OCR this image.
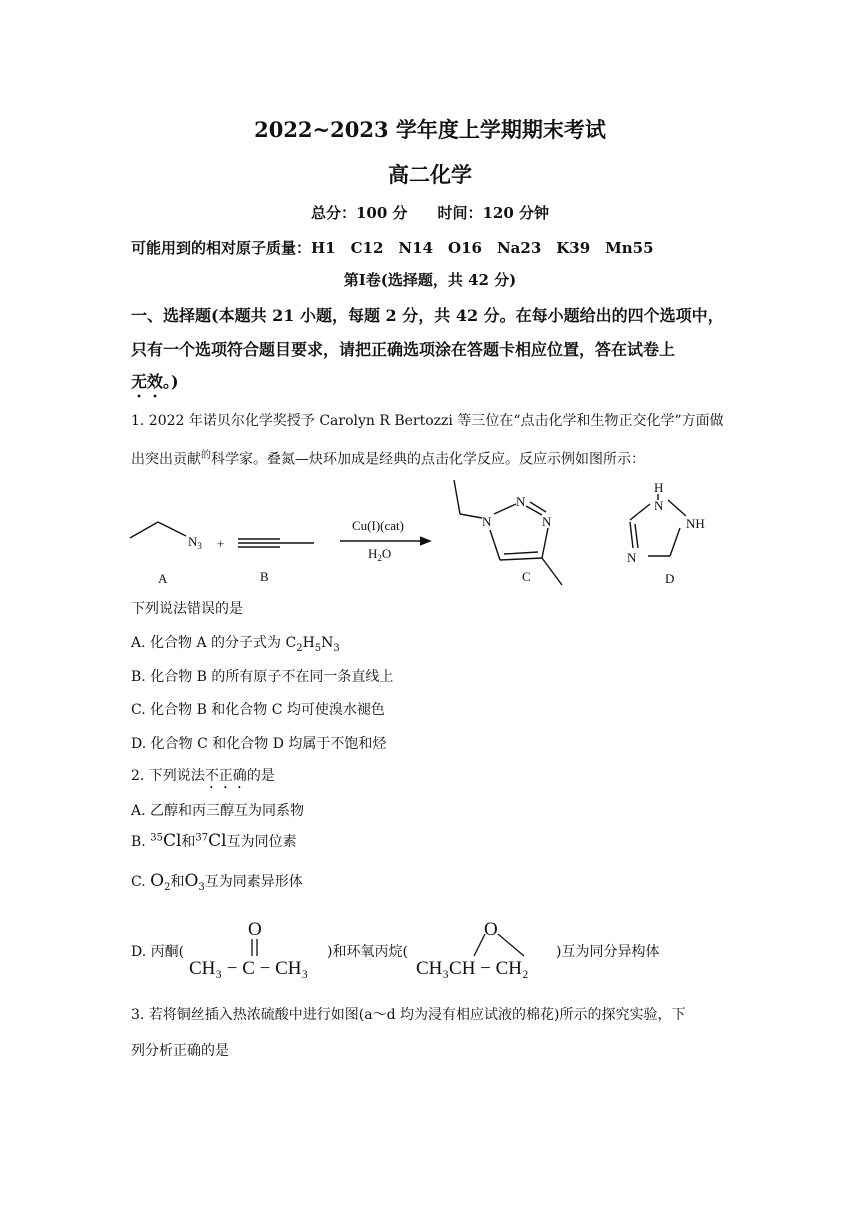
2022~2023 学年度上学期期末考试
高二化学
总分：100 分　　时间：120 分钟
可能用到的相对原子质量：H1　C12　N14　O16　Na23　K39　Mn55
第Ⅰ卷(选择题，共 42 分)
一、选择题(本题共 21 小题，每题 2 分，共 42 分。在每小题给出的四个选项中，
只有一个选项符合题目要求，请把正确选项涂在答题卡相应位置，答在试卷上
无效。)
1. 2022 年诺贝尔化学奖授予 Carolyn R Bertozzi 等三位在“点击化学和生物正交化学”方面做
出突出贡献$^的$科学家。叠氮—炔环加成是经典的点击化学反应。反应示例如图所示：
$N_3$ +
Cu(I)(cat)
$H_2O$
N
N
N
H
N
NH
N
A	B	C	D
下列说法错误的是
A. 化合物 A 的分子式为 $C_2H_5N_3$
B. 化合物 B 的所有原子不在同一条直线上
C. 化合物 B 和化合物 C 均可使溴水褪色
D. 化合物 C 和化合物 D 均属于不饱和烃
2. 下列说法不正确的是
A. 乙醇和丙三醇互为同系物
B. $^{35}$Cl和$^{37}$Cl互为同位素
C. $O_2$和$O_3$互为同素异形体
D. 丙酮(
O
CH₃ − C − CH₃
)和环氧丙烷(
O
CH₃CH − CH₂
)互为同分异构体
3. 若将铜丝插入热浓硫酸中进行如图(a～d 均为浸有相应试液的棉花)所示的探究实验，下
列分析正确的是
